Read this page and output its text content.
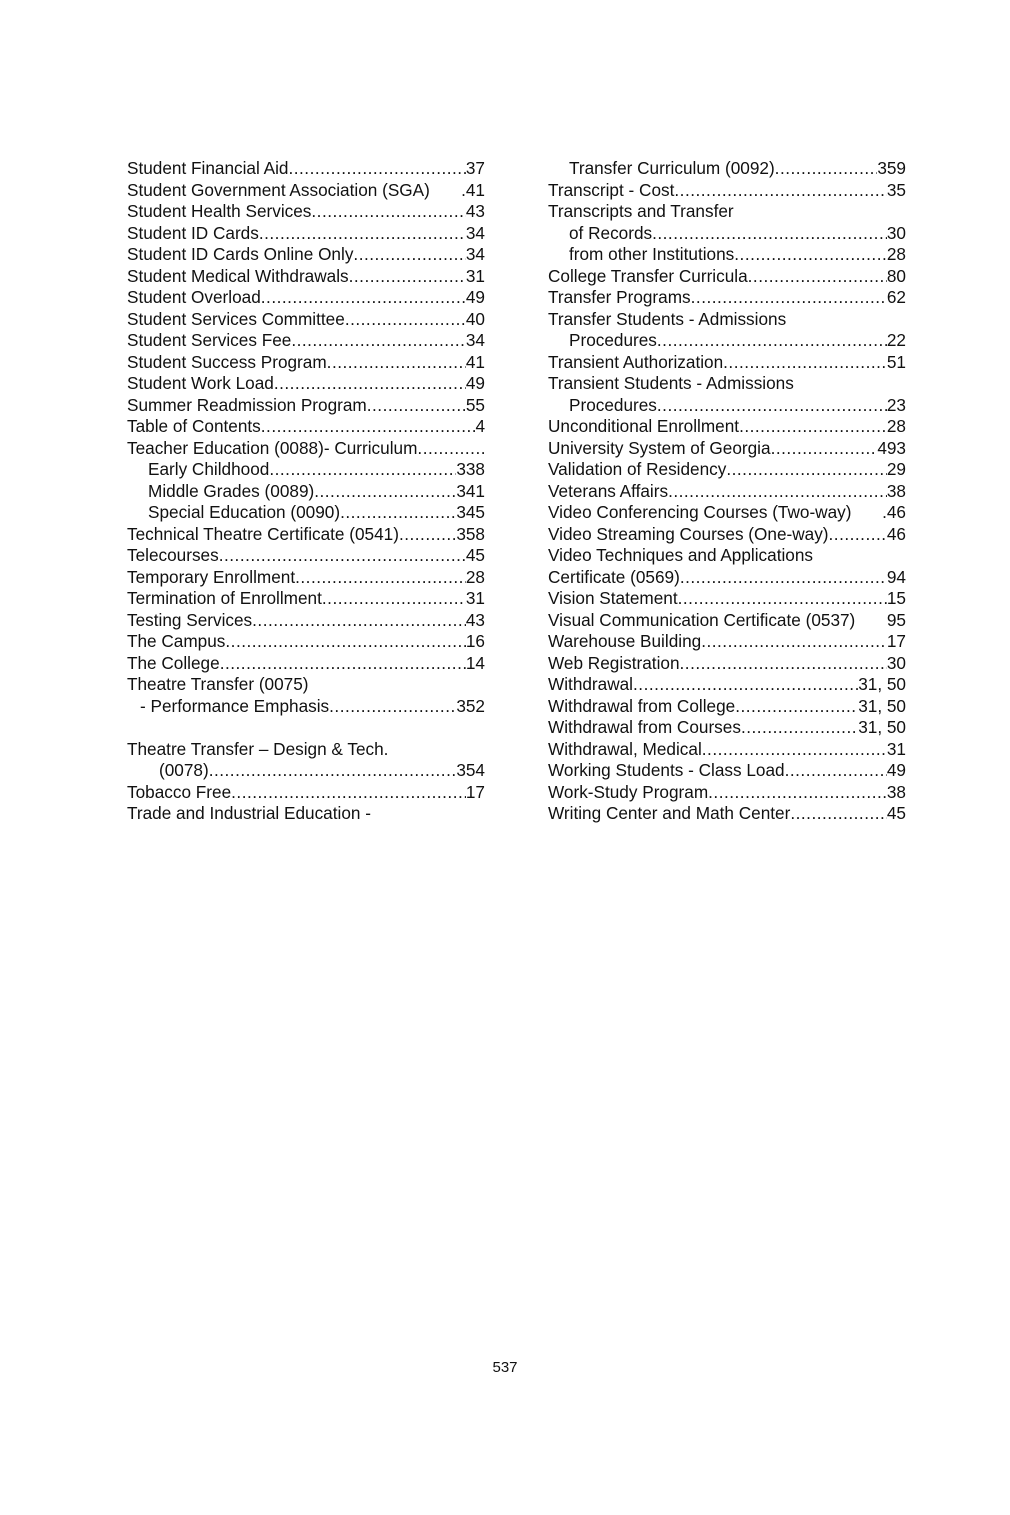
Student Financial Aid .....	37
Student Government Association (SGA) .41
Student Health Services .....	43
Student ID Cards .....	34
Student ID Cards Online Only .....	34
Student Medical Withdrawals .....	31
Student Overload .....	49
Student Services Committee .....	40
Student Services Fee .....	34
Student Success Program .....	41
Student Work Load .....	49
Summer Readmission Program .....	55
Table of Contents .....	4
Teacher Education (0088)- Curriculum
.....
Early Childhood .....	338
Middle Grades (0089) .....	341
Special Education (0090) .....	345
Technical Theatre Certificate (0541) .....	358
Telecourses .....	45
Temporary Enrollment .....	28
Termination of Enrollment .....	31
Testing Services .....	43
The Campus .....	16
The College .....	14
Theatre Transfer (0075)
- Performance Emphasis .....	352
Theatre Transfer – Design & Tech.
(0078) .....	354
Tobacco Free .....	17
Trade and Industrial Education -
Transfer Curriculum (0092) .....	359
Transcript - Cost .....	35
Transcripts and Transfer
of Records .....	30
from other Institutions .....	28
College Transfer Curricula .....	80
Transfer Programs .....	62
Transfer Students - Admissions
Procedures .....	22
Transient Authorization .....	51
Transient Students - Admissions
Procedures .....	23
Unconditional Enrollment .....	28
University System of Georgia .....	493
Validation of Residency .....	29
Veterans Affairs .....	38
Video Conferencing Courses (Two-way) .46
Video Streaming Courses (One-way) .....	46
Video Techniques and Applications
Certificate (0569) .....	94
Vision Statement .....	15
Visual Communication Certificate (0537) 95
Warehouse Building .....	17
Web Registration .....	30
Withdrawal .....	31, 50
Withdrawal from College .....	31, 50
Withdrawal from Courses .....	31, 50
Withdrawal, Medical .....	31
Working Students - Class Load .....	49
Work-Study Program .....	38
Writing Center and Math Center .....	45
537
